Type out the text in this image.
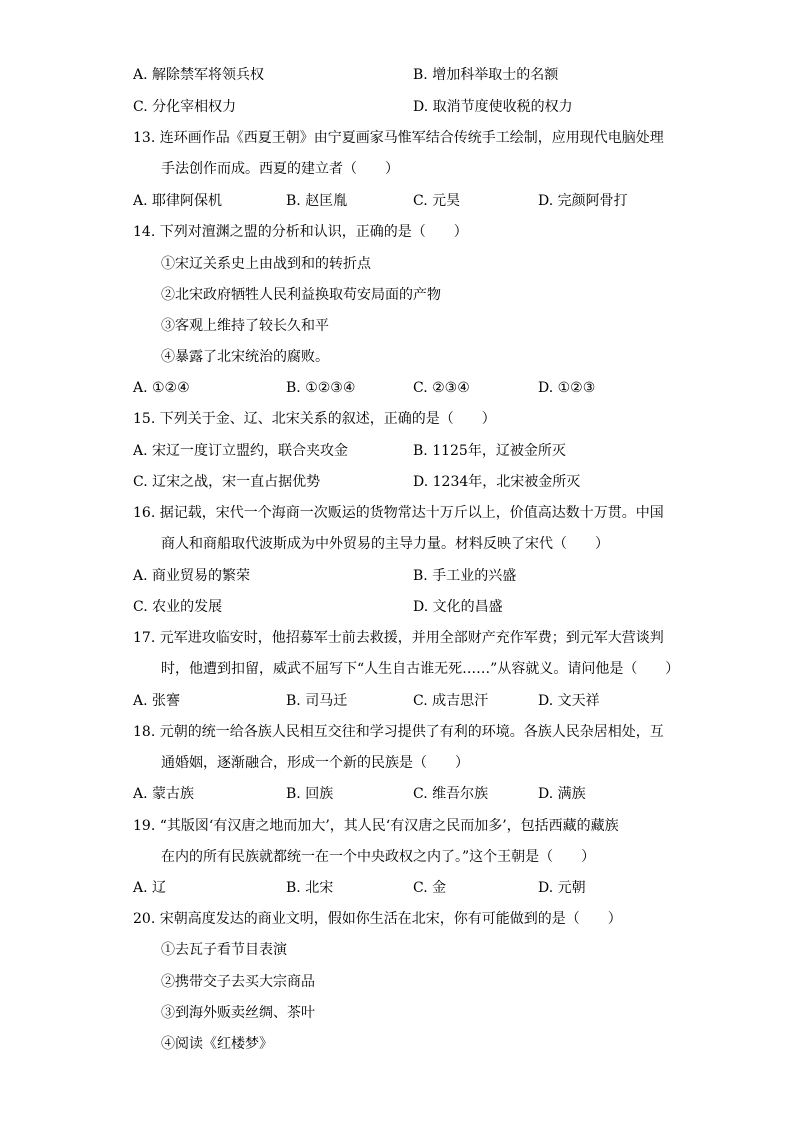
A. 解除禁军将领兵权	B. 增加科举取士的名额
C. 分化宰相权力	D. 取消节度使收税的权力
13. 连环画作品《西夏王朝》由宁夏画家马惟军结合传统手工绘制，应用现代电脑处理
手法创作而成。西夏的建立者（　　）
A. 耶律阿保机	B. 赵匡胤	C. 元昊	D. 完颜阿骨打
14. 下列对澶渊之盟的分析和认识，正确的是（　　）
①宋辽关系史上由战到和的转折点
②北宋政府牺牲人民利益换取苟安局面的产物
③客观上维持了较长久和平
④暴露了北宋统治的腐败。
A. ①②④	B. ①②③④	C. ②③④	D. ①②③
15. 下列关于金、辽、北宋关系的叙述，正确的是（　　）
A. 宋辽一度订立盟约，联合夹攻金	B. 1125年，辽被金所灭
C. 辽宋之战，宋一直占据优势	D. 1234年，北宋被金所灭
16. 据记载，宋代一个海商一次贩运的货物常达十万斤以上，价值高达数十万贯。中国
商人和商船取代波斯成为中外贸易的主导力量。材料反映了宋代（　　）
A. 商业贸易的繁荣	B. 手工业的兴盛
C. 农业的发展	D. 文化的昌盛
17. 元军进攻临安时，他招募军士前去救援，并用全部财产充作军费；到元军大营谈判
时，他遭到扣留，威武不屈写下“人生自古谁无死……”从容就义。请问他是（　　）
A. 张謇	B. 司马迁	C. 成吉思汗	D. 文天祥
18. 元朝的统一给各族人民相互交往和学习提供了有利的环境。各族人民杂居相处，互
通婚姻，逐渐融合，形成一个新的民族是（　　）
A. 蒙古族	B. 回族	C. 维吾尔族	D. 满族
19. “其版図‘有汉唐之地而加大’，其人民‘有汉唐之民而加多’，包括西藏的藏族
在内的所有民族就都统一在一个中央政权之内了。”这个王朝是（　　）
A. 辽	B. 北宋	C. 金	D. 元朝
20. 宋朝高度发达的商业文明，假如你生活在北宋，你有可能做到的是（　　）
①去瓦子看节目表演
②携带交子去买大宗商品
③到海外贩卖丝绸、茶叶
④阅读《红楼梦》
